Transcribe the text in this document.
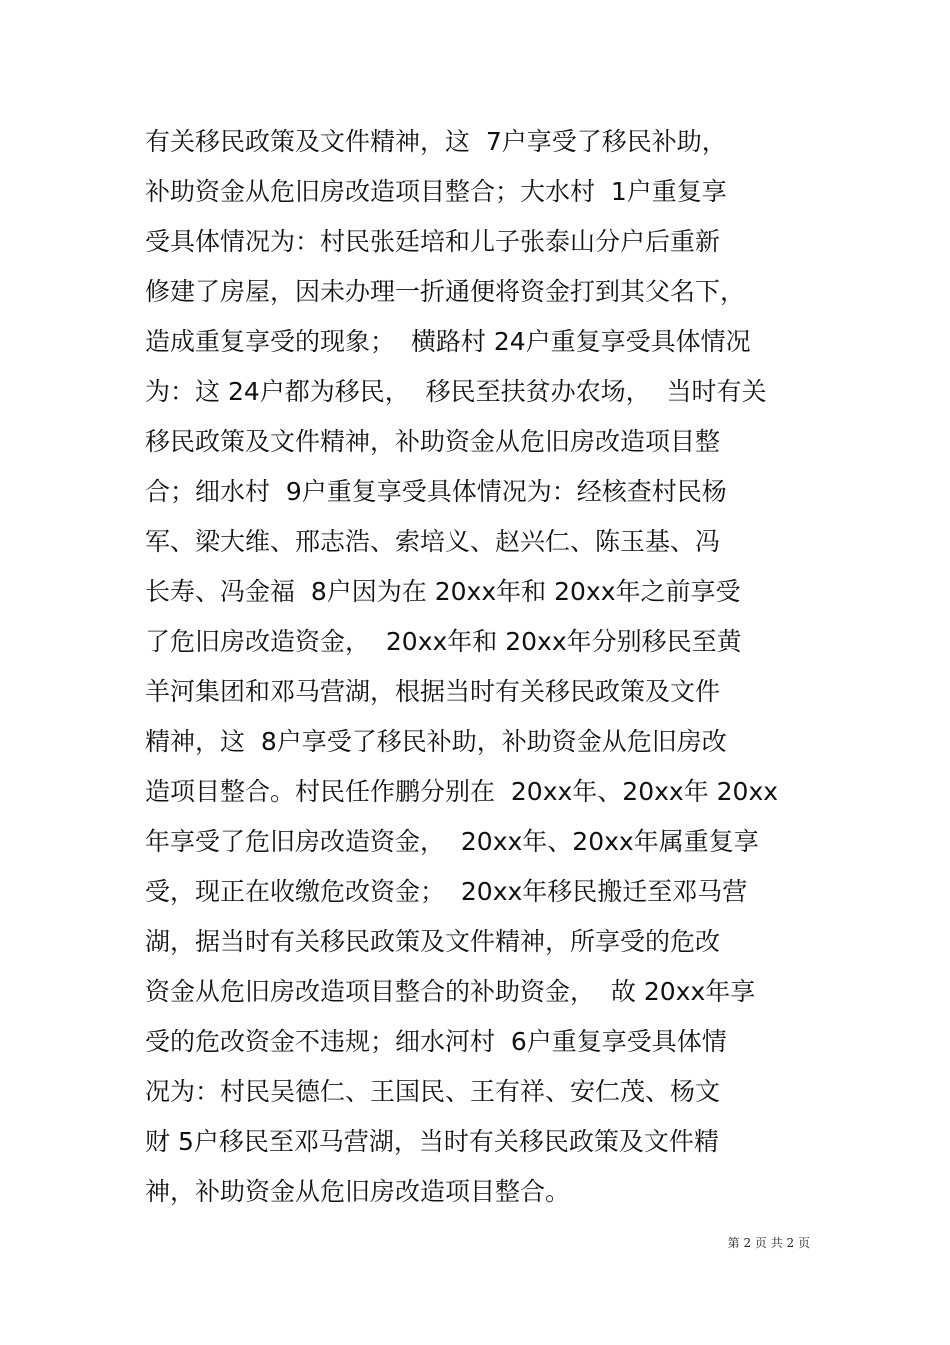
有关移民政策及文件精神，这  7户享受了移民补助，
补助资金从危旧房改造项目整合；大水村  1户重复享
受具体情况为：村民张廷培和儿子张泰山分户后重新
修建了房屋，因未办理一折通便将资金打到其父名下，
造成重复享受的现象；  横路村 24户重复享受具体情况
为：这 24户都为移民，  移民至扶贫办农场，  当时有关
移民政策及文件精神，补助资金从危旧房改造项目整
合；细水村  9户重复享受具体情况为：经核查村民杨
军、梁大维、邢志浩、索培义、赵兴仁、陈玉基、冯
长寿、冯金福  8户因为在 20xx年和 20xx年之前享受
了危旧房改造资金，  20xx年和 20xx年分别移民至黄
羊河集团和邓马营湖，根据当时有关移民政策及文件
精神，这  8户享受了移民补助，补助资金从危旧房改
造项目整合。村民任作鹏分别在  20xx年、20xx年 20xx
年享受了危旧房改造资金，  20xx年、20xx年属重复享
受，现正在收缴危改资金；  20xx年移民搬迁至邓马营
湖，据当时有关移民政策及文件精神，所享受的危改
资金从危旧房改造项目整合的补助资金，  故 20xx年享
受的危改资金不违规；细水河村  6户重复享受具体情
况为：村民吴德仁、王国民、王有祥、安仁茂、杨文
财 5户移民至邓马营湖，当时有关移民政策及文件精
神，补助资金从危旧房改造项目整合。
第 2 页 共 2 页
